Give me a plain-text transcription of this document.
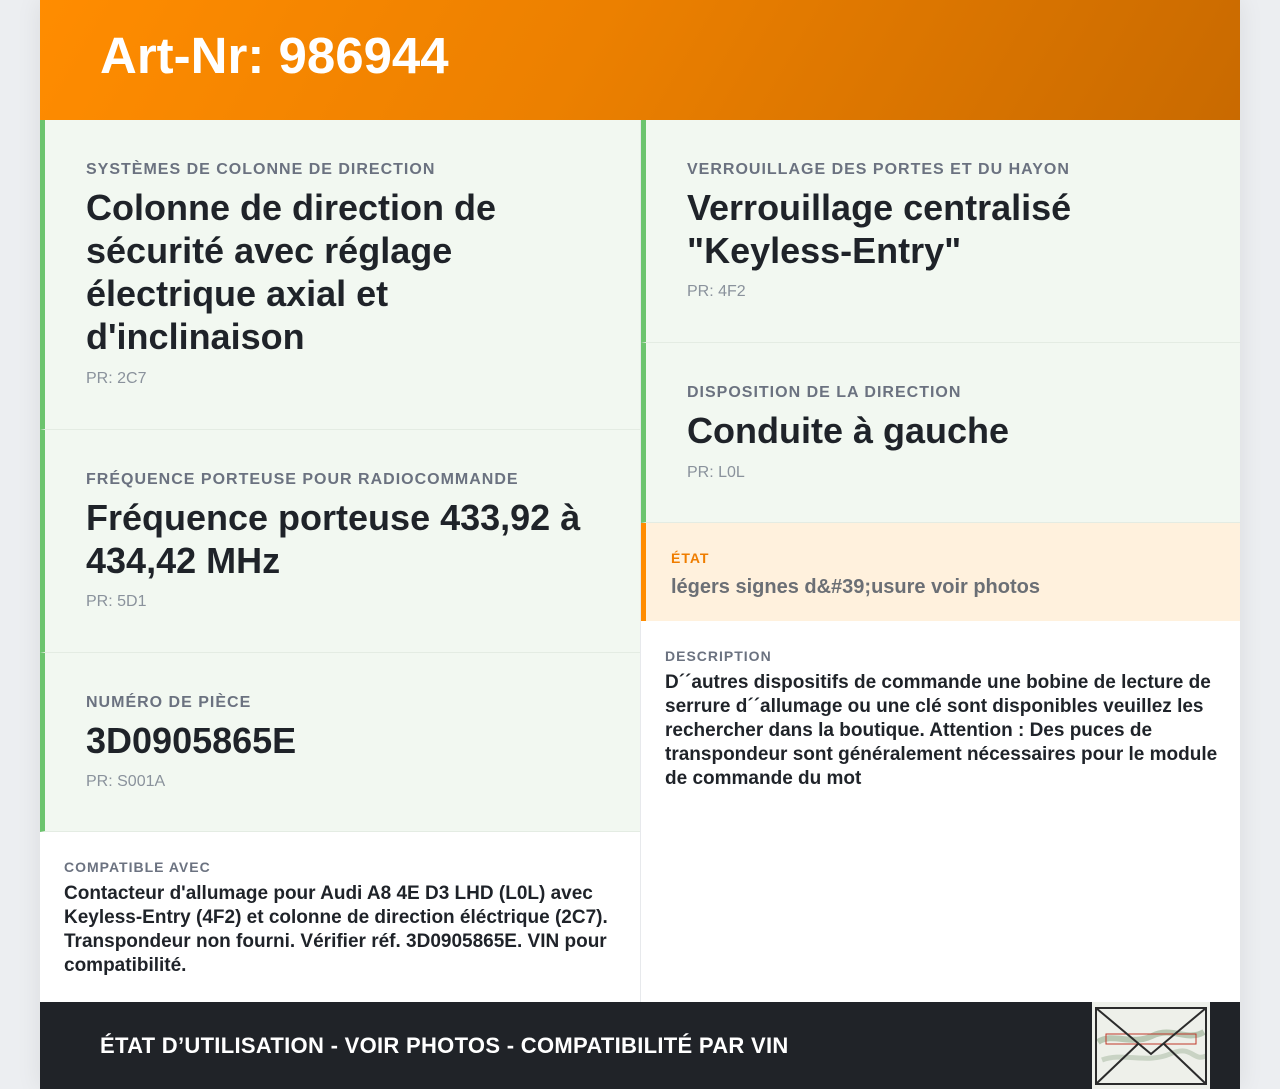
Art-Nr: 986944
SYSTÈMES DE COLONNE DE DIRECTION
Colonne de direction de sécurité avec réglage électrique axial et d'inclinaison
PR: 2C7
FRÉQUENCE PORTEUSE POUR RADIOCOMMANDE
Fréquence porteuse 433,92 à 434,42 MHz
PR: 5D1
NUMÉRO DE PIÈCE
3D0905865E
PR: S001A
COMPATIBLE AVEC
Contacteur d'allumage pour Audi A8 4E D3 LHD (L0L) avec Keyless-Entry (4F2) et colonne de direction éléctrique (2C7). Transpondeur non fourni. Vérifier réf. 3D0905865E. VIN pour compatibilité.
VERROUILLAGE DES PORTES ET DU HAYON
Verrouillage centralisé "Keyless-Entry"
PR: 4F2
DISPOSITION DE LA DIRECTION
Conduite à gauche
PR: L0L
ÉTAT
légers signes d&#39;usure voir photos
DESCRIPTION
D´´autres dispositifs de commande une bobine de lecture de serrure d´´allumage ou une clé sont disponibles veuillez les rechercher dans la boutique. Attention : Des puces de transpondeur sont généralement nécessaires pour le module de commande du mot
ÉTAT D’UTILISATION - VOIR PHOTOS - COMPATIBILITÉ PAR VIN
